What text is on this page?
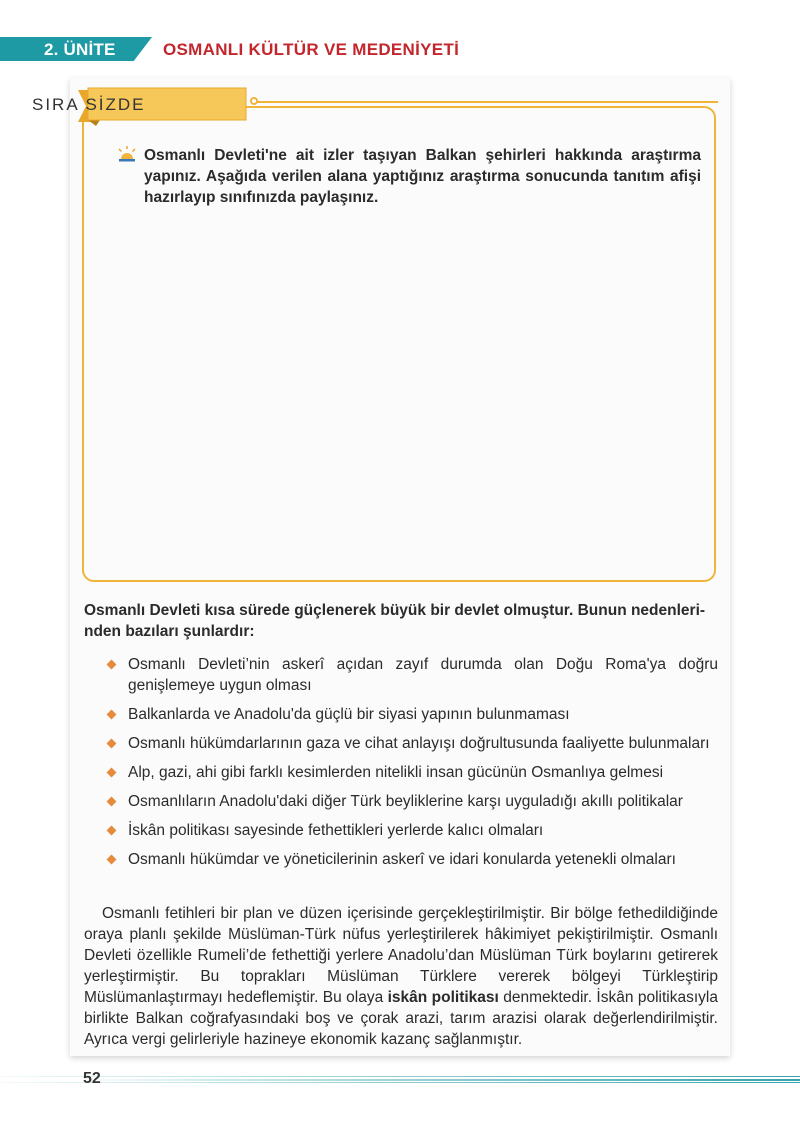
2. ÜNİTE	OSMANLI KÜLTÜR VE MEDENİYETİ
SIRA SİZDE
Osmanlı Devleti'ne ait izler taşıyan Balkan şehirleri hakkında araştırma yapınız. Aşağıda verilen alana yaptığınız araştırma sonucunda tanıtım afişi hazırlayıp sınıfınızda paylaşınız.
Osmanlı Devleti kısa sürede güçlenerek büyük bir devlet olmuştur. Bunun nedenlerinden bazıları şunlardır:
Osmanlı Devleti’nin askerî açıdan zayıf durumda olan Doğu Roma'ya doğru genişlemeye uygun olması
Balkanlarda ve Anadolu'da güçlü bir siyasi yapının bulunmaması
Osmanlı hükümdarlarının gaza ve cihat anlayışı doğrultusunda faaliyette bulunmaları
Alp, gazi, ahi gibi farklı kesimlerden nitelikli insan gücünün Osmanlıya gelmesi
Osmanlıların Anadolu'daki diğer Türk beyliklerine karşı uyguladığı akıllı politikalar
İskân politikası sayesinde fethettikleri yerlerde kalıcı olmaları
Osmanlı hükümdar ve yöneticilerinin askerî ve idari konularda yetenekli olmaları
Osmanlı fetihleri bir plan ve düzen içerisinde gerçekleştirilmiştir. Bir bölge fethedildiğinde oraya planlı şekilde Müslüman-Türk nüfus yerleştirilerek hâkimiyet pekiştirilmiştir. Osmanlı Devleti özellikle Rumeli’de fethettiği yerlere Anadolu’dan Müslüman Türk boylarını getirerek yerleştirmiştir. Bu toprakları Müslüman Türklere vererek bölgeyi Türkleştirip Müslümanlaştırmayı hedeflemiştir. Bu olaya iskân politikası denmektedir. İskân politikasıyla birlikte Balkan coğrafyasındaki boş ve çorak arazi, tarım arazisi olarak değerlendirilmiştir. Ayrıca vergi gelirleriyle hazineye ekonomik kazanç sağlanmıştır.
52
